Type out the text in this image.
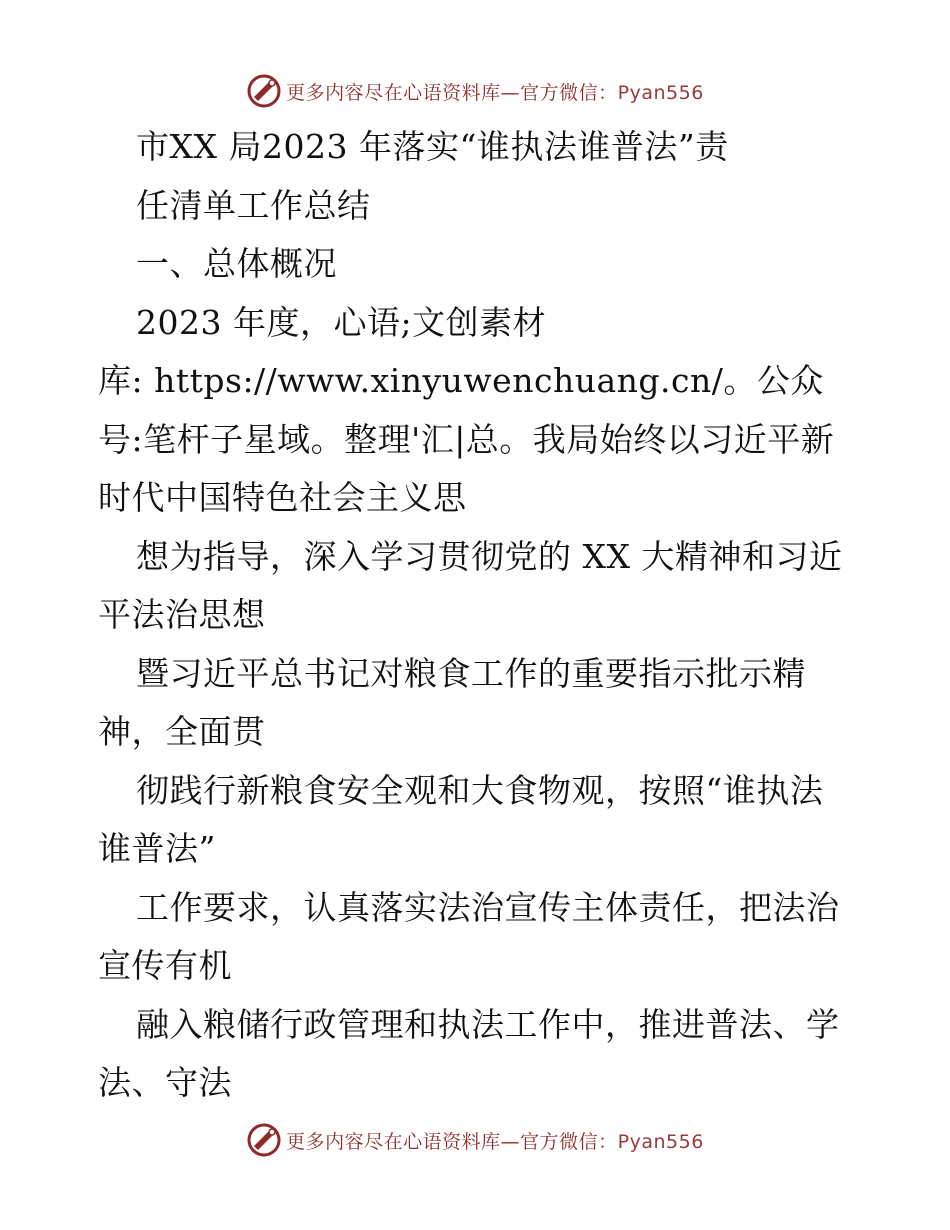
更多内容尽在心语资料库—官方微信：Pyan556

市XX 局2023 年落实“谁执法谁普法”责

任清单工作总结

一、总体概况

2023 年度，心语;文创素材

库: https://www.xinyuwenchuang.cn/。公众号:笔杆子星域。整理'汇|总。我局始终以习近平新时代中国特色社会主义思

想为指导，深入学习贯彻党的 XX 大精神和习近平法治思想

暨习近平总书记对粮食工作的重要指示批示精神，全面贯

彻践行新粮食安全观和大食物观，按照“谁执法谁普法”

工作要求，认真落实法治宣传主体责任，把法治宣传有机

融入粮储行政管理和执法工作中，推进普法、学法、守法

更多内容尽在心语资料库—官方微信：Pyan556
